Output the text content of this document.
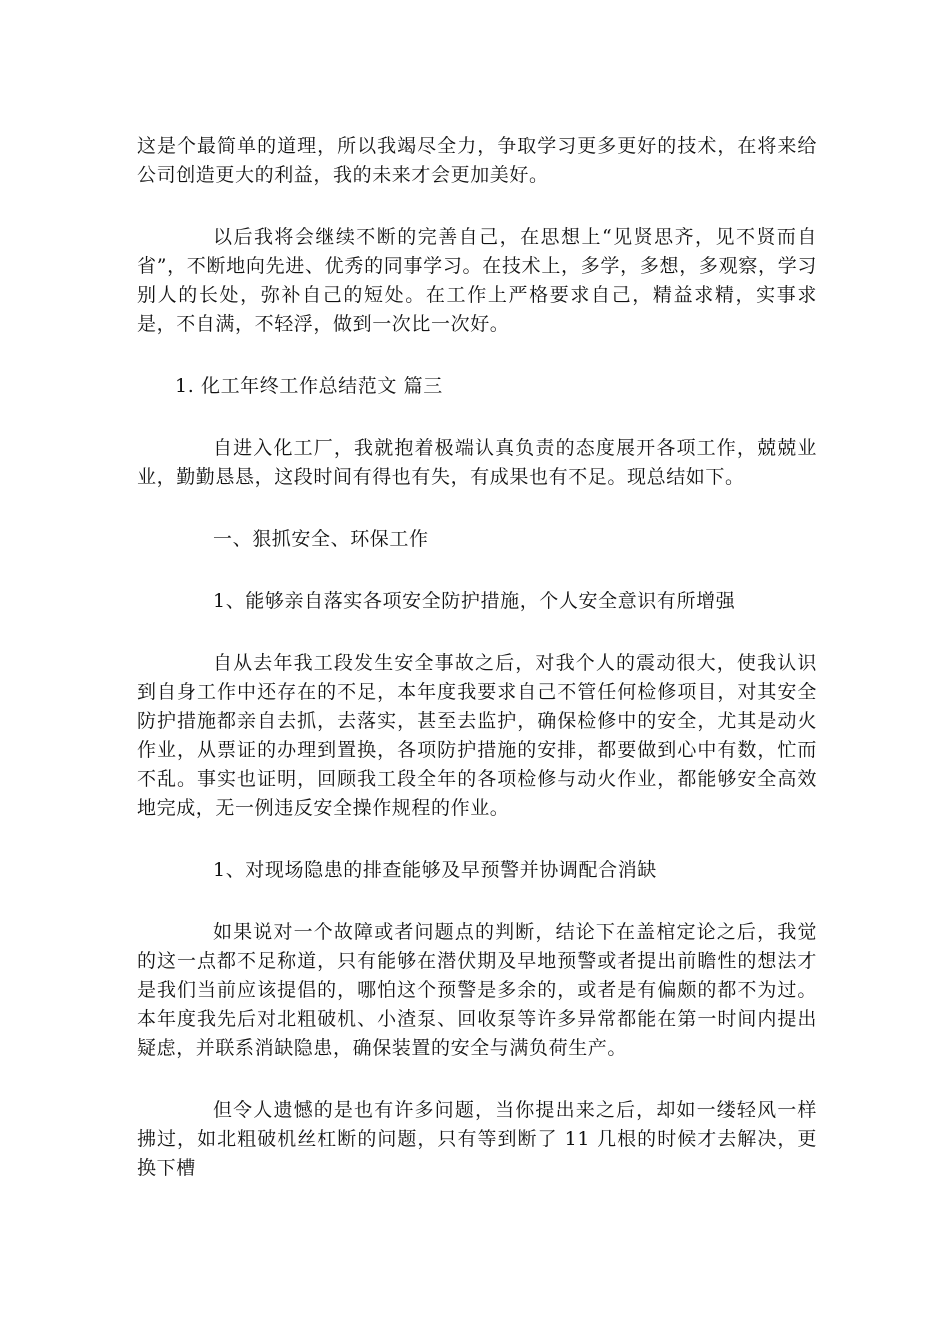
这是个最简单的道理，所以我竭尽全力，争取学习更多更好的技术，在将来给公司创造更大的利益，我的未来才会更加美好。

以后我将会继续不断的完善自己，在思想上“见贤思齐，见不贤而自省”，不断地向先进、优秀的同事学习。在技术上，多学，多想，多观察，学习别人的长处，弥补自己的短处。在工作上严格要求自己，精益求精，实事求是，不自满，不轻浮，做到一次比一次好。

1. 化工年终工作总结范文 篇三

自进入化工厂，我就抱着极端认真负责的态度展开各项工作，兢兢业业，勤勤恳恳，这段时间有得也有失，有成果也有不足。现总结如下。

一、狠抓安全、环保工作

1、能够亲自落实各项安全防护措施，个人安全意识有所增强

自从去年我工段发生安全事故之后，对我个人的震动很大，使我认识到自身工作中还存在的不足，本年度我要求自己不管任何检修项目，对其安全防护措施都亲自去抓，去落实，甚至去监护，确保检修中的安全，尤其是动火作业，从票证的办理到置换，各项防护措施的安排，都要做到心中有数，忙而不乱。事实也证明，回顾我工段全年的各项检修与动火作业，都能够安全高效地完成，无一例违反安全操作规程的作业。

1、对现场隐患的排查能够及早预警并协调配合消缺

如果说对一个故障或者问题点的判断，结论下在盖棺定论之后，我觉的这一点都不足称道，只有能够在潜伏期及早地预警或者提出前瞻性的想法才是我们当前应该提倡的，哪怕这个预警是多余的，或者是有偏颇的都不为过。本年度我先后对北粗破机、小渣泵、回收泵等许多异常都能在第一时间内提出疑虑，并联系消缺隐患，确保装置的安全与满负荷生产。

但令人遗憾的是也有许多问题，当你提出来之后，却如一缕轻风一样拂过，如北粗破机丝杠断的问题，只有等到断了 11 几根的时候才去解决，更换下槽
